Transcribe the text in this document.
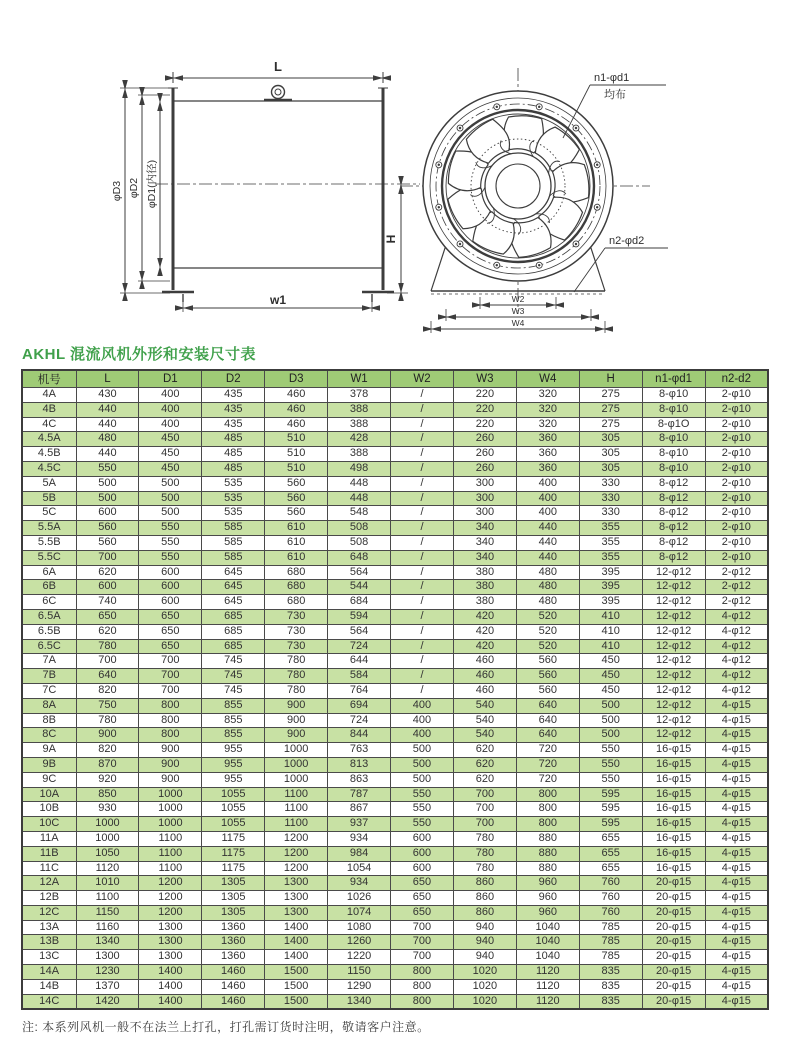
L
φD3 φD2 φD1(内径)
H
w1
n1-φd1
均布
n2-φd2
W2
W3
W4
AKHL 混流风机外形和安装尺寸表
机号	L	D1	D2	D3	W1	W2	W3	W4	H	n1-φd1	n2-d2
4A	430	400	435	460	378	/	220	320	275	8-φ10	2-φ10
4B	440	400	435	460	388	/	220	320	275	8-φ10	2-φ10
4C	440	400	435	460	388	/	220	320	275	8-φ1O	2-φ10
4.5A	480	450	485	510	428	/	260	360	305	8-φ10	2-φ10
4.5B	440	450	485	510	388	/	260	360	305	8-φ10	2-φ10
4.5C	550	450	485	510	498	/	260	360	305	8-φ10	2-φ10
5A	500	500	535	560	448	/	300	400	330	8-φ12	2-φ10
5B	500	500	535	560	448	/	300	400	330	8-φ12	2-φ10
5C	600	500	535	560	548	/	300	400	330	8-φ12	2-φ10
5.5A	560	550	585	610	508	/	340	440	355	8-φ12	2-φ10
5.5B	560	550	585	610	508	/	340	440	355	8-φ12	2-φ10
5.5C	700	550	585	610	648	/	340	440	355	8-φ12	2-φ10
6A	620	600	645	680	564	/	380	480	395	12-φ12	2-φ12
6B	600	600	645	680	544	/	380	480	395	12-φ12	2-φ12
6C	740	600	645	680	684	/	380	480	395	12-φ12	2-φ12
6.5A	650	650	685	730	594	/	420	520	410	12-φ12	4-φ12
6.5B	620	650	685	730	564	/	420	520	410	12-φ12	4-φ12
6.5C	780	650	685	730	724	/	420	520	410	12-φ12	4-φ12
7A	700	700	745	780	644	/	460	560	450	12-φ12	4-φ12
7B	640	700	745	780	584	/	460	560	450	12-φ12	4-φ12
7C	820	700	745	780	764	/	460	560	450	12-φ12	4-φ12
8A	750	800	855	900	694	400	540	640	500	12-φ12	4-φ15
8B	780	800	855	900	724	400	540	640	500	12-φ12	4-φ15
8C	900	800	855	900	844	400	540	640	500	12-φ12	4-φ15
9A	820	900	955	1000	763	500	620	720	550	16-φ15	4-φ15
9B	870	900	955	1000	813	500	620	720	550	16-φ15	4-φ15
9C	920	900	955	1000	863	500	620	720	550	16-φ15	4-φ15
10A	850	1000	1055	1100	787	550	700	800	595	16-φ15	4-φ15
10B	930	1000	1055	1100	867	550	700	800	595	16-φ15	4-φ15
10C	1000	1000	1055	1100	937	550	700	800	595	16-φ15	4-φ15
11A	1000	1100	1175	1200	934	600	780	880	655	16-φ15	4-φ15
11B	1050	1100	1175	1200	984	600	780	880	655	16-φ15	4-φ15
11C	1120	1100	1175	1200	1054	600	780	880	655	16-φ15	4-φ15
12A	1010	1200	1305	1300	934	650	860	960	760	20-φ15	4-φ15
12B	1100	1200	1305	1300	1026	650	860	960	760	20-φ15	4-φ15
12C	1150	1200	1305	1300	1074	650	860	960	760	20-φ15	4-φ15
13A	1160	1300	1360	1400	1080	700	940	1040	785	20-φ15	4-φ15
13B	1340	1300	1360	1400	1260	700	940	1040	785	20-φ15	4-φ15
13C	1300	1300	1360	1400	1220	700	940	1040	785	20-φ15	4-φ15
14A	1230	1400	1460	1500	1150	800	1020	1120	835	20-φ15	4-φ15
14B	1370	1400	1460	1500	1290	800	1020	1120	835	20-φ15	4-φ15
14C	1420	1400	1460	1500	1340	800	1020	1120	835	20-φ15	4-φ15
注: 本系列风机一般不在法兰上打孔，打孔需订货时注明，敬请客户注意。
